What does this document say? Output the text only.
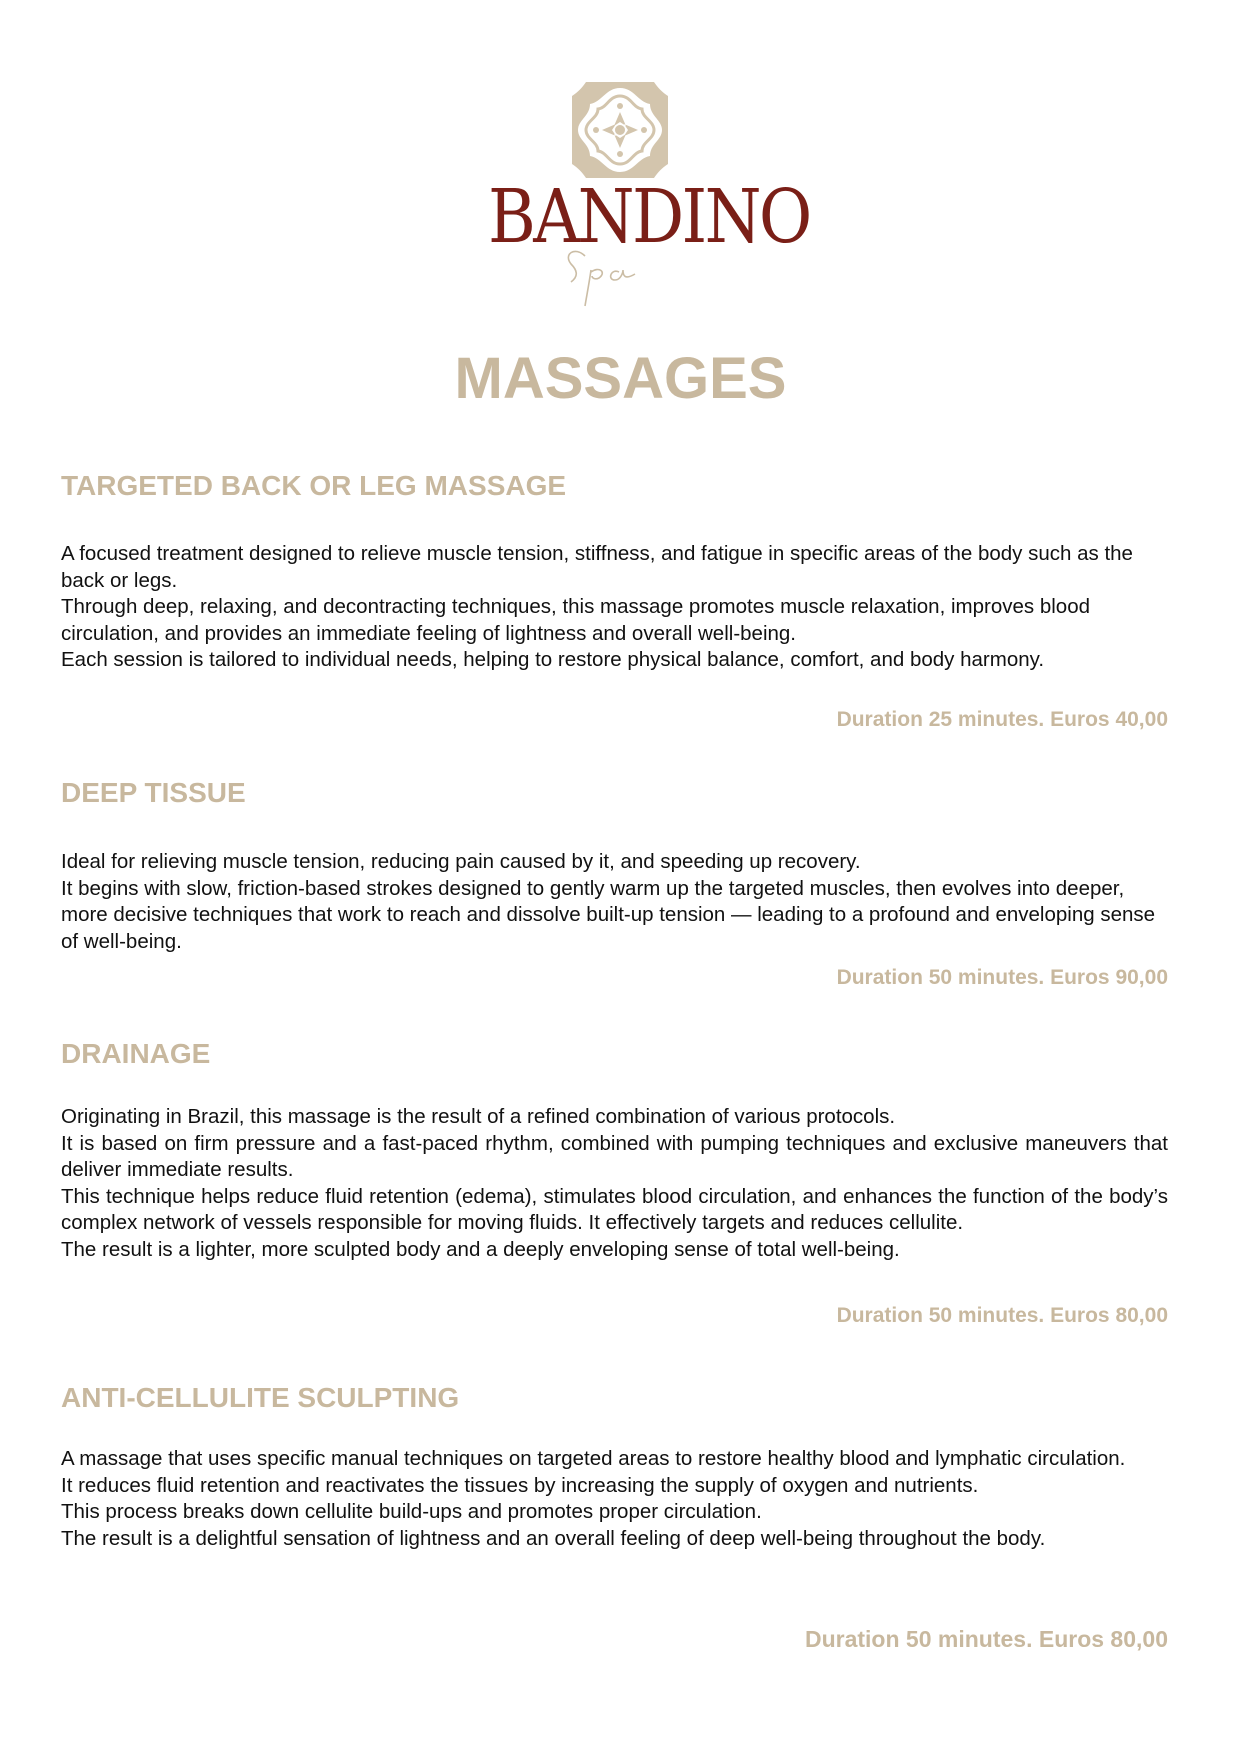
BANDINO
MASSAGES
TARGETED BACK OR LEG MASSAGE

A focused treatment designed to relieve muscle tension, stiffness, and fatigue in specific areas of the body such as the back or legs.

Through deep, relaxing, and decontracting techniques, this massage promotes muscle relaxation, improves blood circulation, and provides an immediate feeling of lightness and overall well-being.

Each session is tailored to individual needs, helping to restore physical balance, comfort, and body harmony.

Duration 25 minutes. Euros 40,00
DEEP TISSUE

Ideal for relieving muscle tension, reducing pain caused by it, and speeding up recovery.

It begins with slow, friction-based strokes designed to gently warm up the targeted muscles, then evolves into deeper, more decisive techniques that work to reach and dissolve built-up tension — leading to a profound and enveloping sense of well-being.

Duration 50 minutes. Euros 90,00
DRAINAGE

Originating in Brazil, this massage is the result of a refined combination of various protocols.

It is based on firm pressure and a fast-paced rhythm, combined with pumping techniques and exclusive maneuvers that deliver immediate results.

This technique helps reduce fluid retention (edema), stimulates blood circulation, and enhances the function of the body’s complex network of vessels responsible for moving fluids. It effectively targets and reduces cellulite.

The result is a lighter, more sculpted body and a deeply enveloping sense of total well-being.

Duration 50 minutes. Euros 80,00
ANTI-CELLULITE SCULPTING

A massage that uses specific manual techniques on targeted areas to restore healthy blood and lymphatic circulation.

It reduces fluid retention and reactivates the tissues by increasing the supply of oxygen and nutrients.

This process breaks down cellulite build-ups and promotes proper circulation.

The result is a delightful sensation of lightness and an overall feeling of deep well-being throughout the body.

Duration 50 minutes. Euros 80,00
